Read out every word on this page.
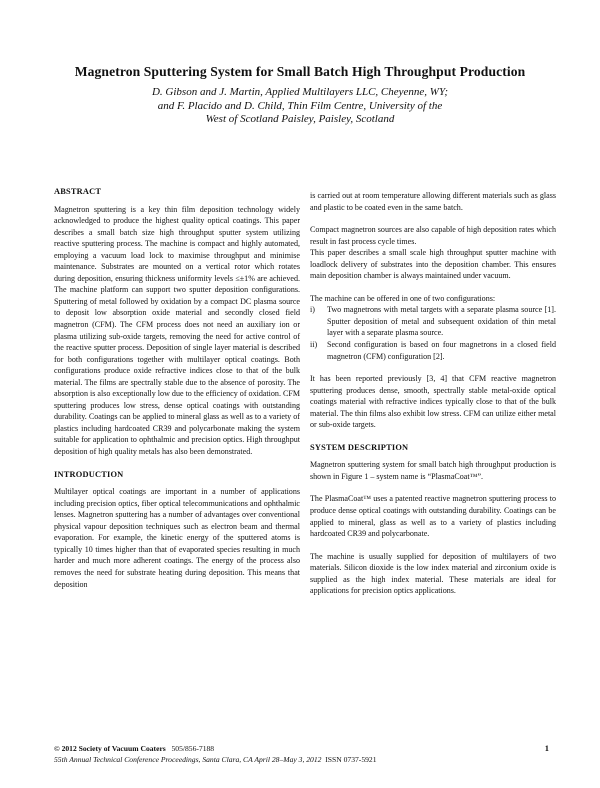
Magnetron Sputtering System for Small Batch High Throughput Production
D. Gibson and J. Martin, Applied Multilayers LLC, Cheyenne, WY;
and F. Placido and D. Child, Thin Film Centre, University of the
West of Scotland Paisley, Paisley, Scotland
ABSTRACT

Magnetron sputtering is a key thin film deposition technology widely acknowledged to produce the highest quality optical coatings. This paper describes a small batch size high throughput sputter system utilizing reactive sputtering process. The machine is compact and highly automated, employing a vacuum load lock to maximise throughput and minimise maintenance. Substrates are mounted on a vertical rotor which rotates during deposition, ensuring thickness uniformity levels ≤±1% are achieved. The machine platform can support two sputter deposition configurations. Sputtering of metal followed by oxidation by a compact DC plasma source to deposit low absorption oxide material and secondly closed field magnetron (CFM). The CFM process does not need an auxiliary ion or plasma utilizing sub-oxide targets, removing the need for active control of the reactive sputter process. Deposition of single layer material is described for both configurations together with multilayer optical coatings. Both configurations produce oxide refractive indices close to that of the bulk material. The films are spectrally stable due to the absence of porosity. The absorption is also exceptionally low due to the efficiency of oxidation. CFM sputtering produces low stress, dense optical coatings with outstanding durability. Coatings can be applied to mineral glass as well as to a variety of plastics including hardcoated CR39 and polycarbonate making the system suitable for application to ophthalmic and precision optics. High throughput deposition of high quality metals has also been demonstrated.

INTRODUCTION

Multilayer optical coatings are important in a number of applications including precision optics, fiber optical telecommunications and ophthalmic lenses. Magnetron sputtering has a number of advantages over conventional physical vapour deposition techniques such as electron beam and thermal evaporation. For example, the kinetic energy of the sputtered atoms is typically 10 times higher than that of evaporated species resulting in much harder and much more adherent coatings. The energy of the process also removes the need for substrate heating during deposition. This means that deposition

is carried out at room temperature allowing different materials such as glass and plastic to be coated even in the same batch.

Compact magnetron sources are also capable of high deposition rates which result in fast process cycle times.

This paper describes a small scale high throughput sputter machine with loadlock delivery of substrates into the deposition chamber. This ensures main deposition chamber is always maintained under vacuum.

The machine can be offered in one of two configurations:

i)	Two magnetrons with metal targets with a separate plasma source [1]. Sputter deposition of metal and subsequent oxidation of thin metal layer with a separate plasma source.
ii)	Second configuration is based on four magnetrons in a closed field magnetron (CFM) configuration [2].

It has been reported previously [3, 4] that CFM reactive magnetron sputtering produces dense, smooth, spectrally stable metal-oxide optical coatings material with refractive indices typically close to that of the bulk material. The thin films also exhibit low stress. CFM can utilize either metal or sub-oxide targets.

SYSTEM DESCRIPTION

Magnetron sputtering system for small batch high throughput production is shown in Figure 1 – system name is “PlasmaCoat™”.

The PlasmaCoat™ uses a patented reactive magnetron sputtering process to produce dense optical coatings with outstanding durability. Coatings can be applied to mineral, glass as well as to a variety of plastics including hardcoated CR39 and polycarbonate.

The machine is usually supplied for deposition of multilayers of two materials. Silicon dioxide is the low index material and zirconium oxide is supplied as the high index material. These materials are ideal for applications for precision optics applications.

© 2012 Society of Vacuum Coaters 505/856-7188	1
55th Annual Technical Conference Proceedings, Santa Clara, CA April 28–May 3, 2012 ISSN 0737-5921
